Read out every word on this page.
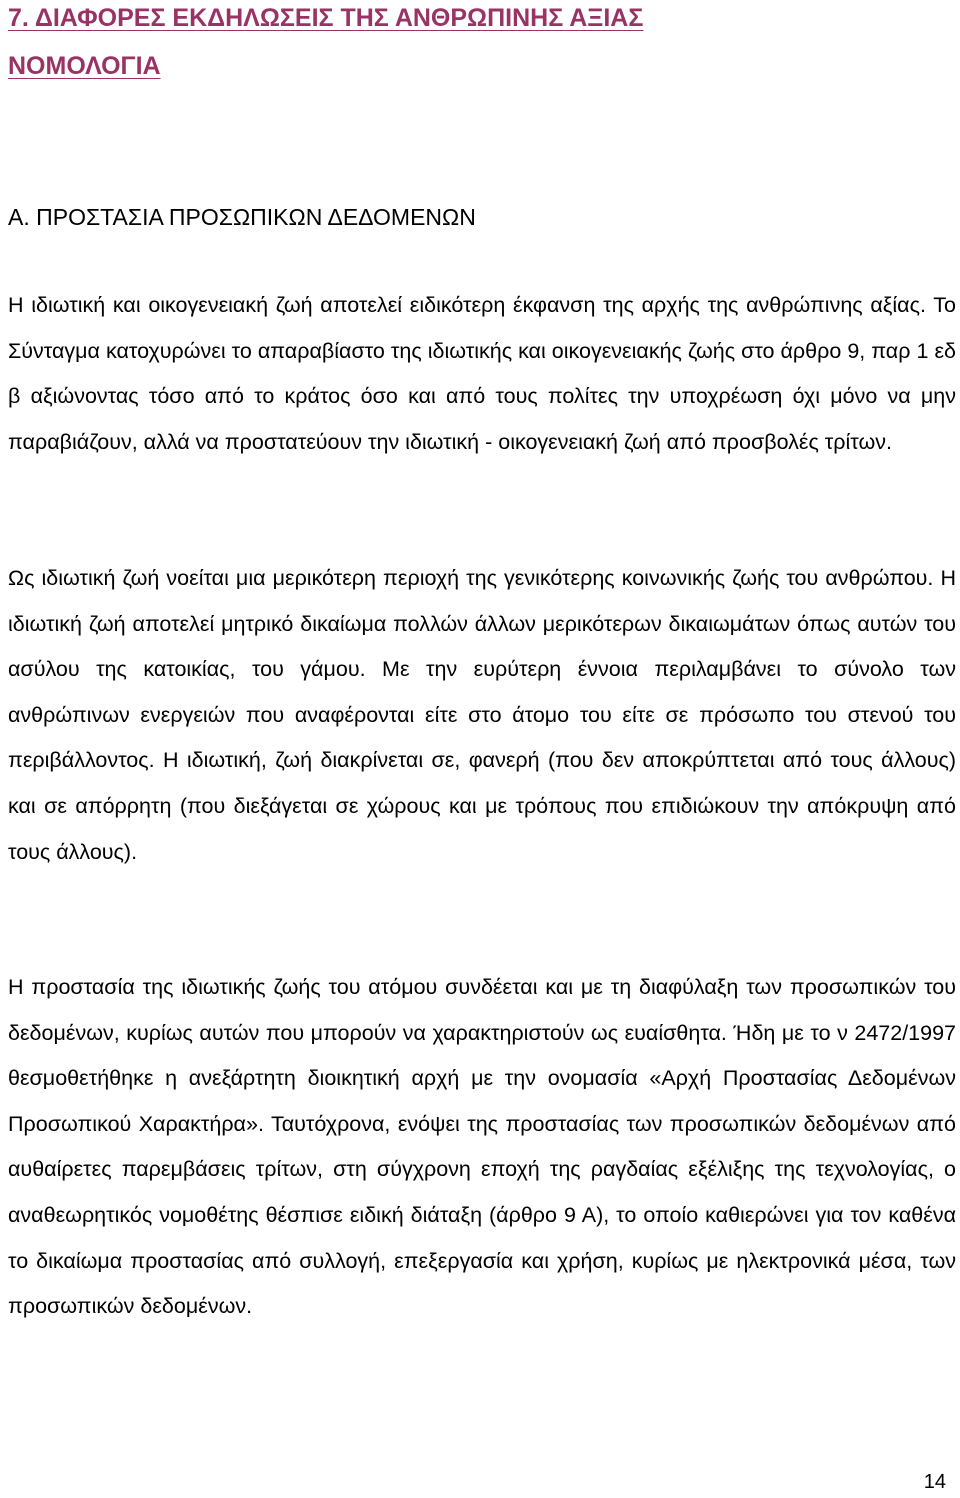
7. ΔΙΑΦΟΡΕΣ ΕΚΔΗΛΩΣΕΙΣ ΤΗΣ ΑΝΘΡΩΠΙΝΗΣ ΑΞΙΑΣ
ΝΟΜΟΛΟΓΙΑ
Α. ΠΡΟΣΤΑΣΙΑ ΠΡΟΣΩΠΙΚΩΝ ΔΕΔΟΜΕΝΩΝ

Η ιδιωτική και οικογενειακή ζωή αποτελεί ειδικότερη έκφανση της αρχής της ανθρώπινης αξίας. Το Σύνταγμα κατοχυρώνει το απαραβίαστο της ιδιωτικής και οικογενειακής ζωής στο άρθρο 9, παρ 1 εδ β αξιώνοντας τόσο από το κράτος όσο και από τους πολίτες την υποχρέωση όχι μόνο να μην παραβιάζουν, αλλά να προστατεύουν την ιδιωτική - οικογενειακή ζωή από προσβολές τρίτων.

Ως ιδιωτική ζωή νοείται μια μερικότερη περιοχή της γενικότερης κοινωνικής ζωής του ανθρώπου. Η ιδιωτική ζωή αποτελεί μητρικό δικαίωμα πολλών άλλων μερικότερων δικαιωμάτων όπως αυτών του ασύλου της κατοικίας, του γάμου. Με την ευρύτερη έννοια περιλαμβάνει το σύνολο των ανθρώπινων ενεργειών που αναφέρονται είτε στο άτομο του είτε σε πρόσωπο του στενού του περιβάλλοντος. Η ιδιωτική, ζωή διακρίνεται σε, φανερή (που δεν αποκρύπτεται από τους άλλους) και σε απόρρητη (που διεξάγεται σε χώρους και με τρόπους που επιδιώκουν την απόκρυψη από τους άλλους).

Η προστασία της ιδιωτικής ζωής του ατόμου συνδέεται και με τη διαφύλαξη των προσωπικών του δεδομένων, κυρίως αυτών που μπορούν να χαρακτηριστούν ως ευαίσθητα. Ήδη με το ν 2472/1997 θεσμοθετήθηκε η ανεξάρτητη διοικητική αρχή με την ονομασία «Αρχή Προστασίας Δεδομένων Προσωπικού Χαρακτήρα». Ταυτόχρονα, ενόψει της προστασίας των προσωπικών δεδομένων από αυθαίρετες παρεμβάσεις τρίτων, στη σύγχρονη εποχή της ραγδαίας εξέλιξης της τεχνολογίας, ο αναθεωρητικός νομοθέτης θέσπισε ειδική διάταξη (άρθρο 9 Α), το οποίο καθιερώνει για τον καθένα το δικαίωμα προστασίας από συλλογή, επεξεργασία και χρήση, κυρίως με ηλεκτρονικά μέσα, των προσωπικών δεδομένων.

14
